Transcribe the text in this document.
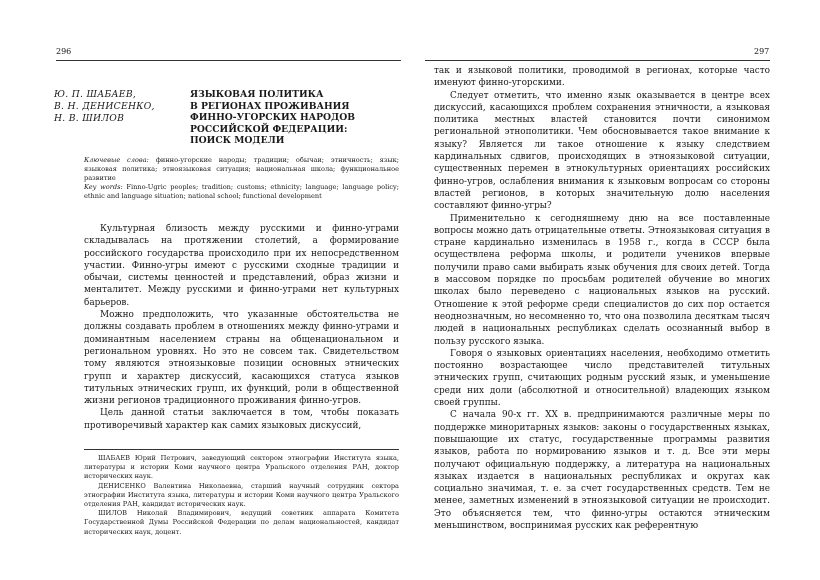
296
Ю. П. ШАБАЕВ,
В. Н. ДЕНИСЕНКО,
Н. В. ШИЛОВ
ЯЗЫКОВАЯ ПОЛИТИКА
В РЕГИОНАХ ПРОЖИВАНИЯ
ФИННО-УГОРСКИХ НАРОДОВ
РОССИЙСКОЙ ФЕДЕРАЦИИ:
ПОИСК МОДЕЛИ

Ключевые слова: финно-угорские народы; традиции; обычаи; этничность; язык; языковая политика; этноязыковая ситуация; национальная школа; функциональное развитие

Key words: Finno-Ugric peoples; tradition; customs; ethnicity; language; language policy; ethnic and language situation; national school; functional development

Культурная близость между русскими и финно-уграми складывалась на протяжении столетий, а формирование российского государства происходило при их непосредственном участии. Финно-угры имеют с русскими сходные традиции и обычаи, системы ценностей и представлений, образ жизни и менталитет. Между русскими и финно-уграми нет культурных барьеров.

Можно предположить, что указанные обстоятельства не должны создавать проблем в отношениях между финно-уграми и доминантным населением страны на общенациональном и региональном уровнях. Но это не совсем так. Свидетельством тому являются этноязыковые позиции основных этнических групп и характер дискуссий, касающихся статуса языков титульных этнических групп, их функций, роли в общественной жизни регионов традиционного проживания финно-угров.

Цель данной статьи заключается в том, чтобы показать противоречивый характер как самих языковых дискуссий,

ШАБАЕВ Юрий Петрович, заведующий сектором этнографии Института языка, литературы и истории Коми научного центра Уральского отделения РАН, доктор исторических наук.

ДЕНИСЕНКО Валентина Николаевна, старший научный сотрудник сектора этнографии Института языка, литературы и истории Коми научного центра Уральского отделения РАН, кандидат исторических наук.

ШИЛОВ Николай Владимирович, ведущий советник аппарата Комитета Государственной Думы Российской Федерации по делам национальностей, кандидат исторических наук, доцент.

297

так и языковой политики, проводимой в регионах, которые часто именуют финно-угорскими.

Следует отметить, что именно язык оказывается в центре всех дискуссий, касающихся проблем сохранения этничности, а языковая политика местных властей становится почти синонимом региональной этнополитики. Чем обосновывается такое внимание к языку? Является ли такое отношение к языку следствием кардинальных сдвигов, происходящих в этноязыковой ситуации, существенных перемен в этнокультурных ориентациях российских финно-угров, ослабления внимания к языковым вопросам со стороны властей регионов, в которых значительную долю населения составляют финно-угры?

Применительно к сегодняшнему дню на все поставленные вопросы можно дать отрицательные ответы. Этноязыковая ситуация в стране кардинально изменилась в 1958 г., когда в СССР была осуществлена реформа школы, и родители учеников впервые получили право сами выбирать язык обучения для своих детей. Тогда в массовом порядке по просьбам родителей обучение во многих школах было переведено с национальных языков на русский. Отношение к этой реформе среди специалистов до сих пор остается неоднозначным, но несомненно то, что она позволила десяткам тысяч людей в национальных республиках сделать осознанный выбор в пользу русского языка.

Говоря о языковых ориентациях населения, необходимо отметить постоянно возрастающее число представителей титульных этнических групп, считающих родным русский язык, и уменьшение среди них доли (абсолютной и относительной) владеющих языком своей группы.

С начала 90-х гг. XX в. предпринимаются различные меры по поддержке миноритарных языков: законы о государственных языках, повышающие их статус, государственные программы развития языков, работа по нормированию языков и т. д. Все эти меры получают официальную поддержку, а литература на национальных языках издается в национальных республиках и округах как социально значимая, т. е. за счет государственных средств. Тем не менее, заметных изменений в этноязыковой ситуации не происходит. Это объясняется тем, что финно-угры остаются этническим меньшинством, воспринимая русских как референтную
